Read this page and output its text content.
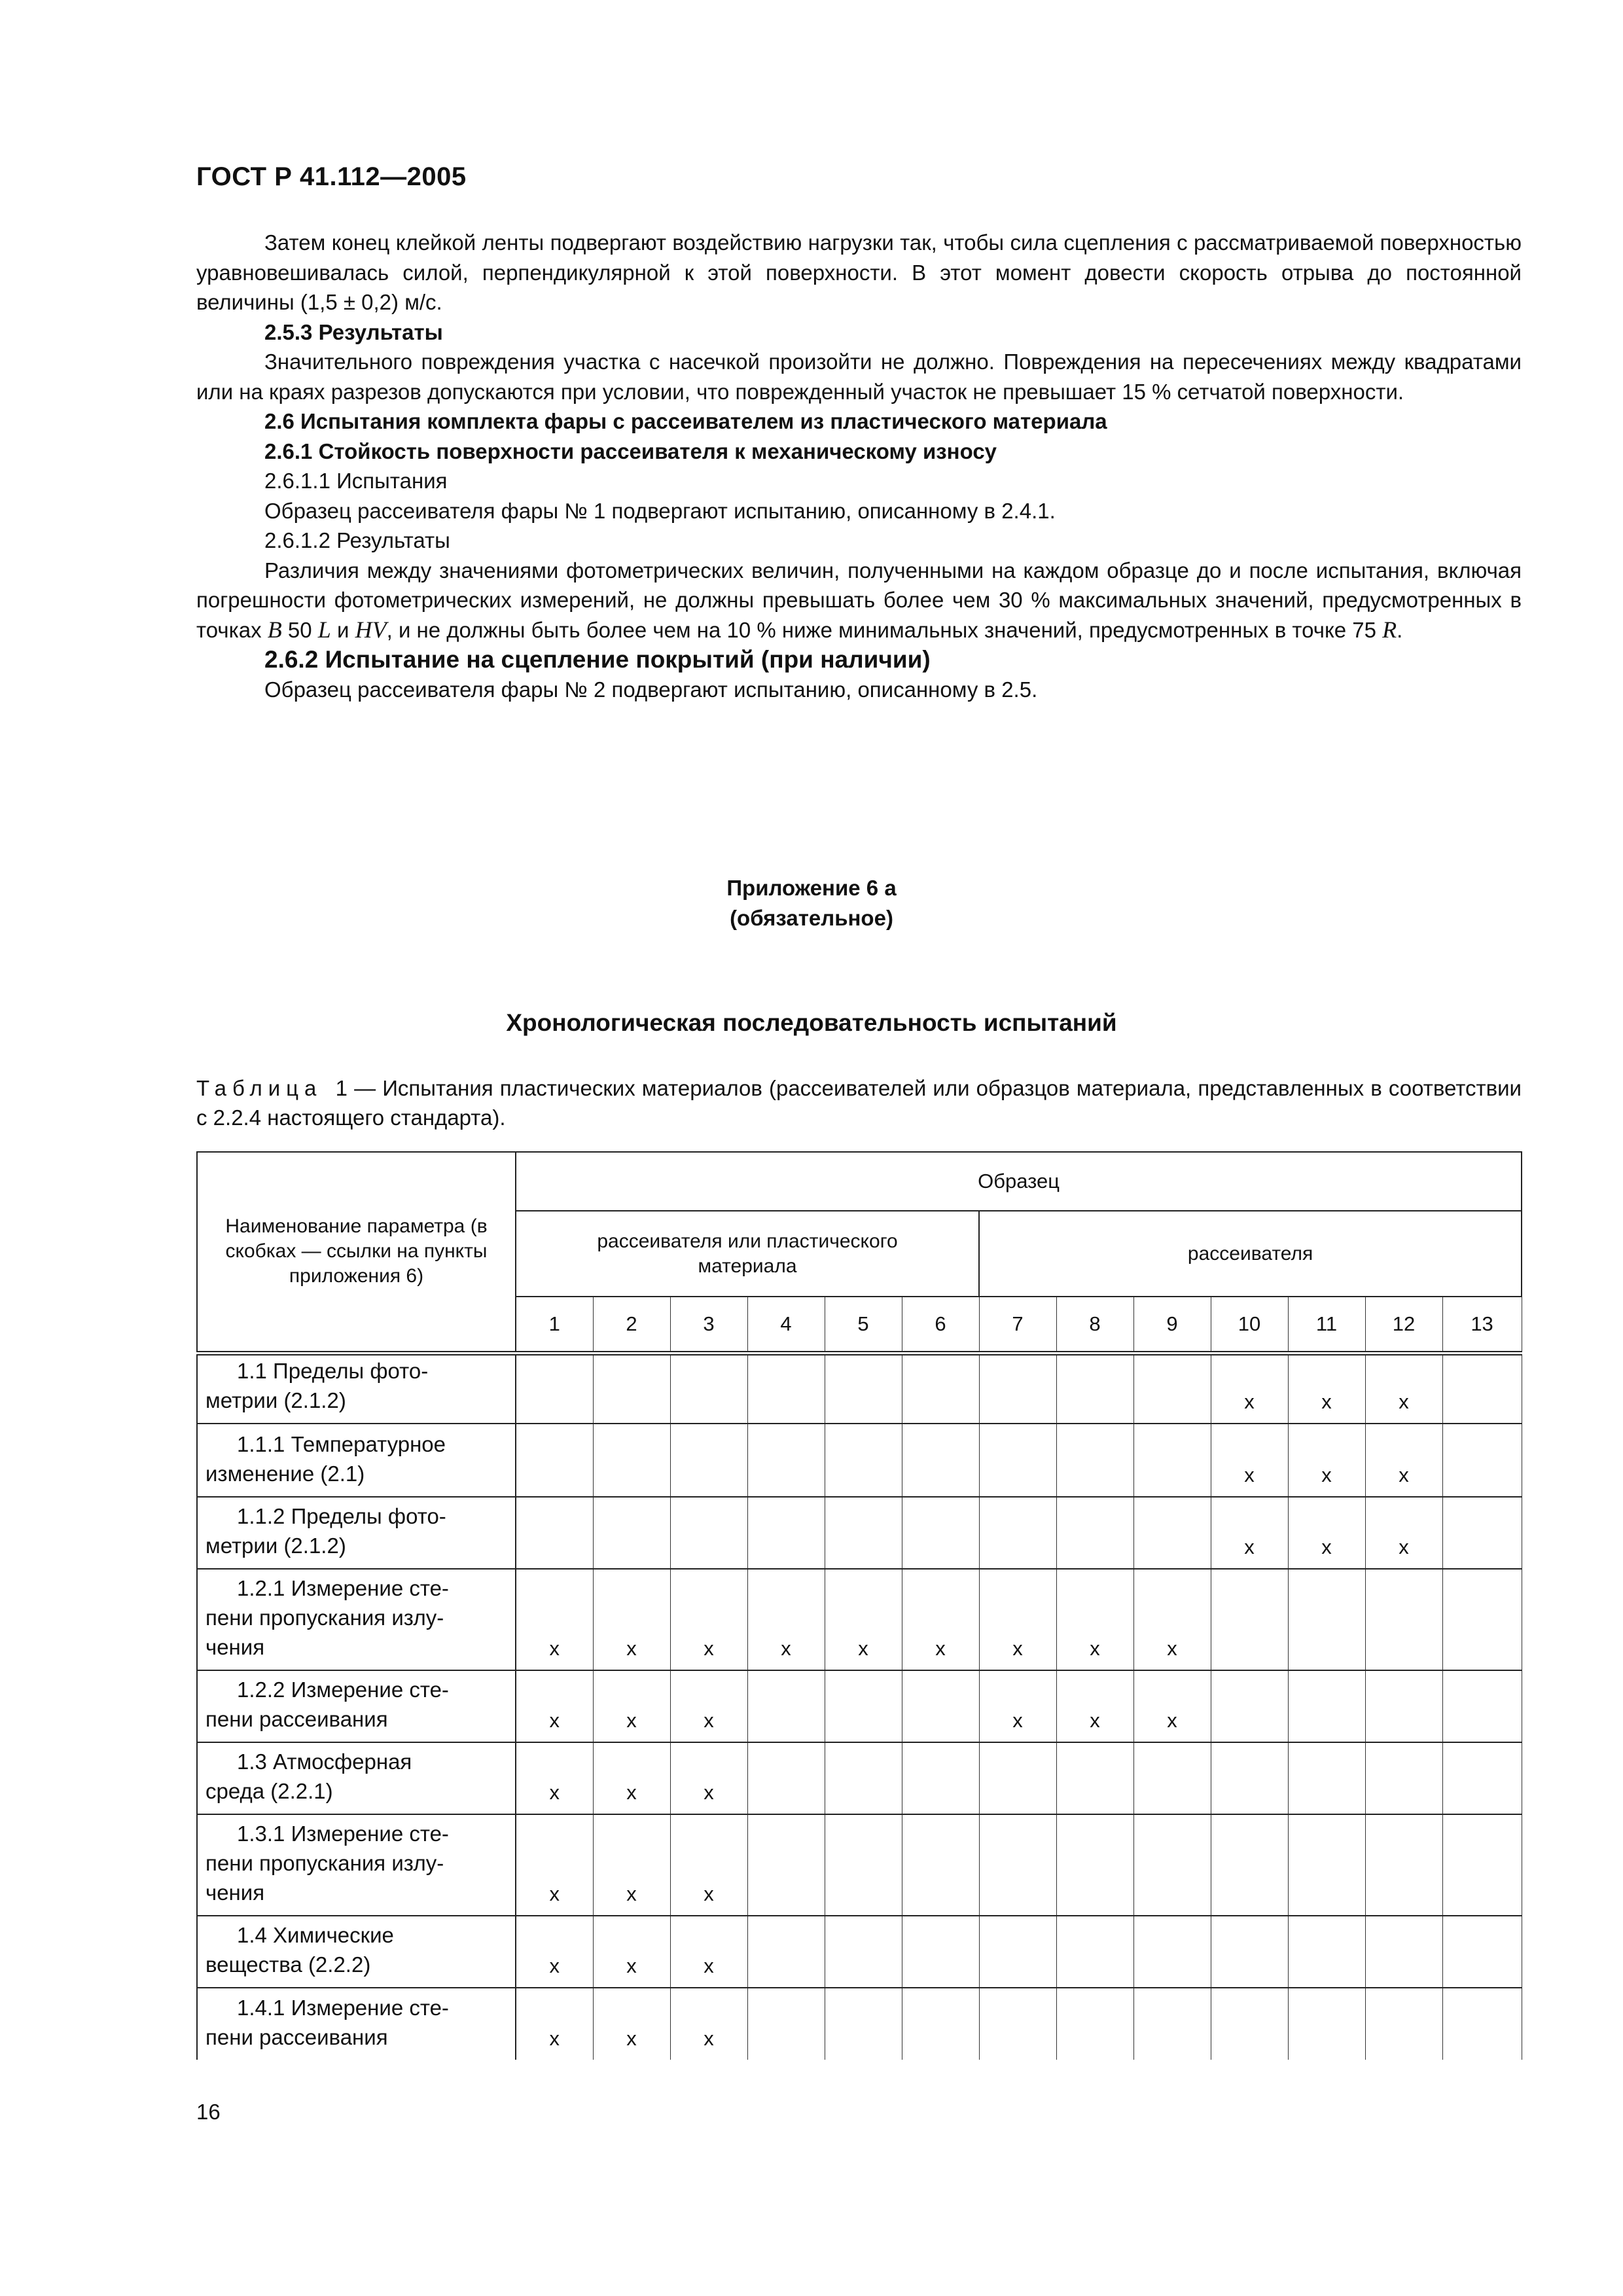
ГОСТ Р 41.112—2005

Затем конец клейкой ленты подвергают воздействию нагрузки так, чтобы сила сцепления с рассматриваемой поверхностью уравновешивалась силой, перпендикулярной к этой поверхности. В этот момент довести скорость отрыва до постоянной величины (1,5 ± 0,2) м/с.

2.5.3 Результаты

Значительного повреждения участка с насечкой произойти не должно. Повреждения на пересечениях между квадратами или на краях разрезов допускаются при условии, что поврежденный участок не превышает 15 % сетчатой поверхности.

2.6 Испытания комплекта фары с рассеивателем из пластического материала

2.6.1 Стойкость поверхности рассеивателя к механическому износу

2.6.1.1 Испытания

Образец рассеивателя фары № 1 подвергают испытанию, описанному в 2.4.1.

2.6.1.2 Результаты

Различия между значениями фотометрических величин, полученными на каждом образце до и после испытания, включая погрешности фотометрических измерений, не должны превышать более чем 30 % максимальных значений, предусмотренных в точках B 50 L и HV, и не должны быть более чем на 10 % ниже минимальных значений, предусмотренных в точке 75 R.

2.6.2 Испытание на сцепление покрытий (при наличии)

Образец рассеивателя фары № 2 подвергают испытанию, описанному в 2.5.

Приложение 6 а
(обязательное)
Хронологическая последовательность испытаний
Таблица 1 — Испытания пластических материалов (рассеивателей или образцов материала, представленных в соответствии с 2.2.4 настоящего стандарта).
Наименование параметра (в скобках — ссылки на пункты приложения 6)	Образец												
	рассеивателя или пластического материала						рассеивателя						
	1	2	3	4	5	6	7	8	9	10	11	12	13

1.1 Пределы фото-
метрии (2.1.2)										x	x	x	

1.1.1 Температурное
изменение (2.1)										x	x	x	

1.1.2 Пределы фото-
метрии (2.1.2)										x	x	x	

1.2.1 Измерение сте-
пени пропускания излу-
чения	x	x	x	x	x	x	x	x	x				

1.2.2 Измерение сте-
пени рассеивания	x	x	x				x	x	x				

1.3 Атмосферная
среда (2.2.1)	x	x	x										

1.3.1 Измерение сте-
пени пропускания излу-
чения	x	x	x										

1.4 Химические
вещества (2.2.2)	x	x	x										

1.4.1 Измерение сте-
пени рассеивания	x	x	x										
16
